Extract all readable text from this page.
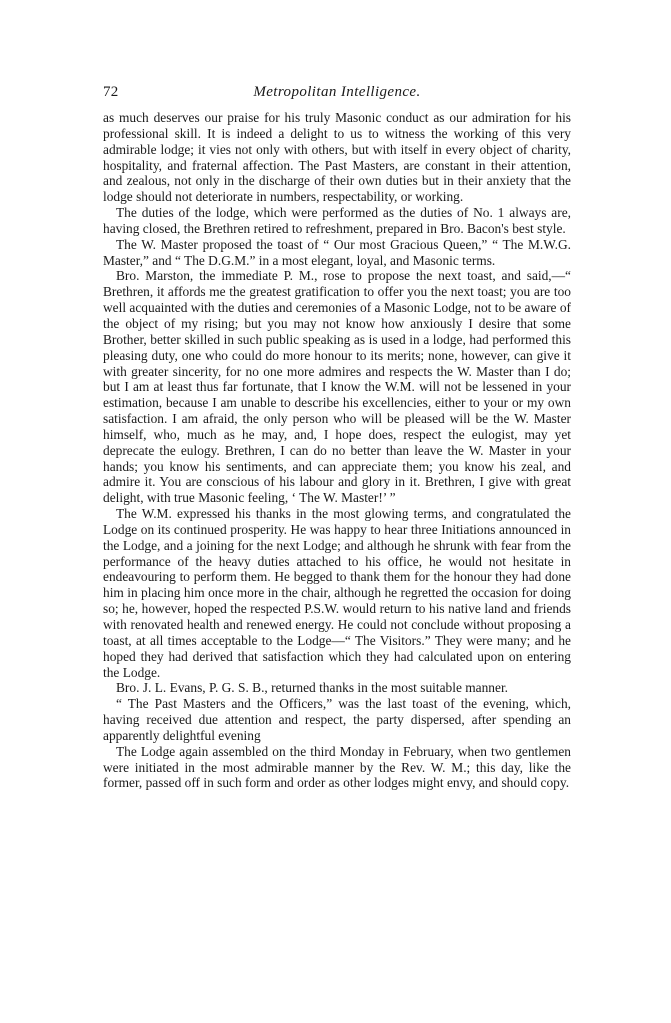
72	Metropolitan Intelligence.

as much deserves our praise for his truly Masonic conduct as our admiration for his professional skill. It is indeed a delight to us to witness the working of this very admirable lodge; it vies not only with others, but with itself in every object of charity, hospitality, and fraternal affection. The Past Masters, are constant in their attention, and zealous, not only in the discharge of their own duties but in their anxiety that the lodge should not deteriorate in numbers, respectability, or working.

The duties of the lodge, which were performed as the duties of No. 1 always are, having closed, the Brethren retired to refreshment, prepared in Bro. Bacon's best style.

The W. Master proposed the toast of “ Our most Gracious Queen,” “ The M.W.G. Master,” and “ The D.G.M.” in a most elegant, loyal, and Masonic terms.

Bro. Marston, the immediate P. M., rose to propose the next toast, and said,—“ Brethren, it affords me the greatest gratification to offer you the next toast; you are too well acquainted with the duties and ceremonies of a Masonic Lodge, not to be aware of the object of my rising; but you may not know how anxiously I desire that some Brother, better skilled in such public speaking as is used in a lodge, had performed this pleasing duty, one who could do more honour to its merits; none, however, can give it with greater sincerity, for no one more admires and respects the W. Master than I do; but I am at least thus far fortunate, that I know the W.M. will not be lessened in your estimation, because I am unable to describe his excellencies, either to your or my own satisfaction. I am afraid, the only person who will be pleased will be the W. Master himself, who, much as he may, and, I hope does, respect the eulogist, may yet deprecate the eulogy. Brethren, I can do no better than leave the W. Master in your hands; you know his sentiments, and can appreciate them; you know his zeal, and admire it. You are conscious of his labour and glory in it. Brethren, I give with great delight, with true Masonic feeling, ‘ The W. Master!’ ”

The W.M. expressed his thanks in the most glowing terms, and congratulated the Lodge on its continued prosperity. He was happy to hear three Initiations announced in the Lodge, and a joining for the next Lodge; and although he shrunk with fear from the performance of the heavy duties attached to his office, he would not hesitate in endeavouring to perform them. He begged to thank them for the honour they had done him in placing him once more in the chair, although he regretted the occasion for doing so; he, however, hoped the respected P.S.W. would return to his native land and friends with renovated health and renewed energy. He could not conclude without proposing a toast, at all times acceptable to the Lodge—“ The Visitors.” They were many; and he hoped they had derived that satisfaction which they had calculated upon on entering the Lodge.

Bro. J. L. Evans, P. G. S. B., returned thanks in the most suitable manner.

“ The Past Masters and the Officers,” was the last toast of the evening, which, having received due attention and respect, the party dispersed, after spending an apparently delightful evening

The Lodge again assembled on the third Monday in February, when two gentlemen were initiated in the most admirable manner by the Rev. W. M.; this day, like the former, passed off in such form and order as other lodges might envy, and should copy.
